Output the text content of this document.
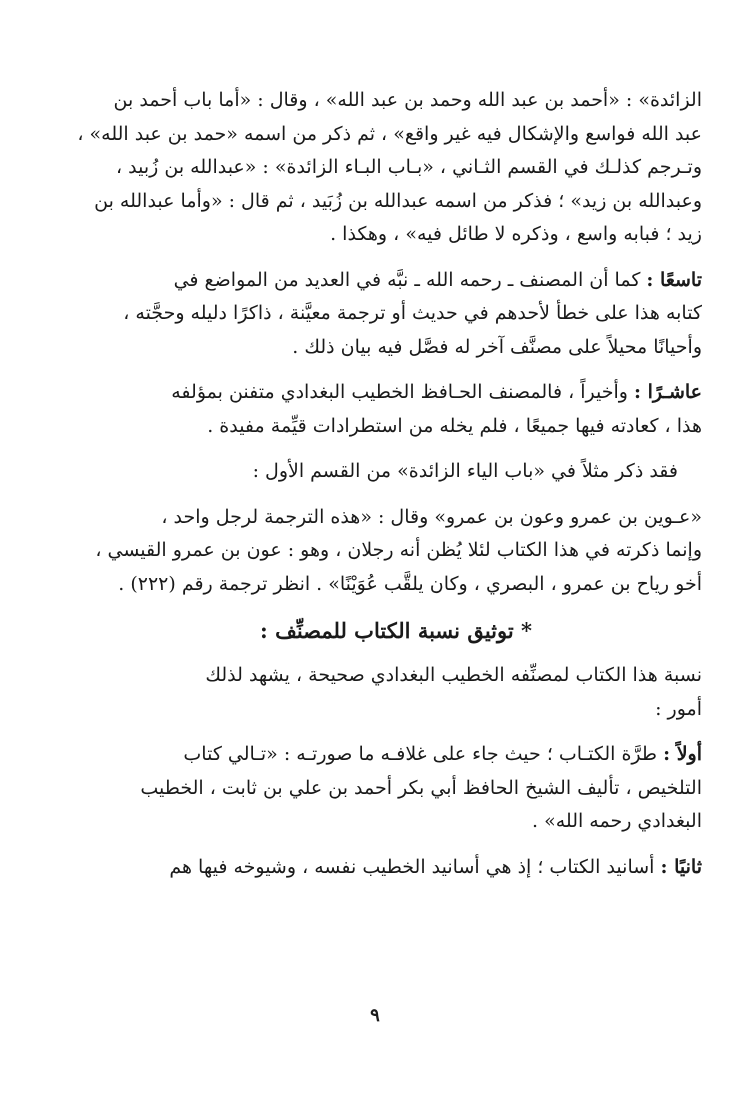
الزائدة» : «أحمد بن عبد الله وحمد بن عبد الله» ، وقال : «أما باب أحمد بن
عبد الله فواسع والإشكال فيه غير واقع» ، ثم ذكر من اسمه «حمد بن عبد الله» ،
وتـرجم كذلـك في القسم الثـاني ، «بـاب البـاء الزائدة» : «عبدالله بن زُبيد ،
وعبدالله بن زيد» ؛ فذكر من اسمه عبدالله بن زُبَيد ، ثم قال : «وأما عبدالله بن
زيد ؛ فبابه واسع ، وذكره لا طائل فيه» ، وهكذا .

تاسعًا : كما أن المصنف ـ رحمه الله ـ نبَّه في العديد من المواضع في
كتابه هذا على خطأ لأحدهم في حديث أو ترجمة معيَّنة ، ذاكرًا دليله وحجَّته ،
وأحيانًا محيلاً على مصنَّف آخر له فصَّل فيه بيان ذلك .

عاشـرًا : وأخيراً ، فالمصنف الحـافظ الخطيب البغدادي متفنن بمؤلفه
هذا ، كعادته فيها جميعًا ، فلم يخله من استطرادات قيِّمة مفيدة .

فقد ذكر مثلاً في «باب الياء الزائدة» من القسم الأول :

«عـوين بن عمرو وعون بن عمرو» وقال : «هذه الترجمة لرجل واحد ،
وإنما ذكرته في هذا الكتاب لئلا يُظن أنه رجلان ، وهو : عون بن عمرو القيسي ،
أخو رياح بن عمرو ، البصري ، وكان يلقَّب عُوَيْنًا» . انظر ترجمة رقم (٢٢٢) .

* توثيق نسبة الكتاب للمصنِّف :

نسبة هذا الكتاب لمصنِّفه الخطيب البغدادي صحيحة ، يشهد لذلك
أمور :

أولاً : طرَّة الكتـاب ؛ حيث جاء على غلافـه ما صورتـه : «تـالي كتاب
التلخيص ، تأليف الشيخ الحافظ أبي بكر أحمد بن علي بن ثابت ، الخطيب
البغدادي رحمه الله» .

ثانيًا : أسانيد الكتاب ؛ إذ هي أسانيد الخطيب نفسه ، وشيوخه فيها هم

٩
